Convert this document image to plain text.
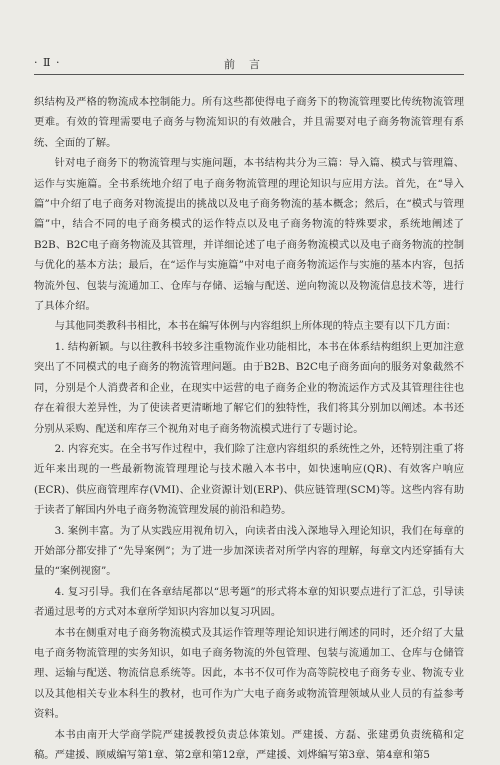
· Ⅱ ·	前言

织结构及严格的物流成本控制能力。所有这些都使得电子商务下的物流管理要比传统物流管理更难。有效的管理需要电子商务与物流知识的有效融合，并且需要对电子商务物流管理有系统、全面的了解。

针对电子商务下的物流管理与实施问题，本书结构共分为三篇：导入篇、模式与管理篇、运作与实施篇。全书系统地介绍了电子商务物流管理的理论知识与应用方法。首先，在“导入篇”中介绍了电子商务对物流提出的挑战以及电子商务物流的基本概念；然后，在“模式与管理篇”中，结合不同的电子商务模式的运作特点以及电子商务物流的特殊要求，系统地阐述了B2B、B2C电子商务物流及其管理，并详细论述了电子商务物流模式以及电子商务物流的控制与优化的基本方法；最后，在“运作与实施篇”中对电子商务物流运作与实施的基本内容，包括物流外包、包装与流通加工、仓库与存储、运输与配送、逆向物流以及物流信息技术等，进行了具体介绍。

与其他同类教科书相比，本书在编写体例与内容组织上所体现的特点主要有以下几方面：

1. 结构新颖。与以往教科书较多注重物流作业功能相比，本书在体系结构组织上更加注意突出了不同模式的电子商务的物流管理问题。由于B2B、B2C电子商务面向的服务对象截然不同，分别是个人消费者和企业，在现实中运营的电子商务企业的物流运作方式及其管理往往也存在着很大差异性，为了使读者更清晰地了解它们的独特性，我们将其分别加以阐述。本书还分别从采购、配送和库存三个视角对电子商务物流模式进行了专题讨论。

2. 内容充实。在全书写作过程中，我们除了注意内容组织的系统性之外，还特别注重了将近年来出现的一些最新物流管理理论与技术融入本书中，如快速响应(QR)、有效客户响应(ECR)、供应商管理库存(VMI)、企业资源计划(ERP)、供应链管理(SCM)等。这些内容有助于读者了解国内外电子商务物流管理发展的前沿和趋势。

3. 案例丰富。为了从实践应用视角切入，向读者由浅入深地导入理论知识，我们在每章的开始部分都安排了“先导案例”；为了进一步加深读者对所学内容的理解，每章文内还穿插有大量的“案例视窗”。

4. 复习引导。我们在各章结尾都以“思考题”的形式将本章的知识要点进行了汇总，引导读者通过思考的方式对本章所学知识内容加以复习巩固。

本书在侧重对电子商务物流模式及其运作管理等理论知识进行阐述的同时，还介绍了大量电子商务物流管理的实务知识，如电子商务物流的外包管理、包装与流通加工、仓库与仓储管理、运输与配送、物流信息系统等。因此，本书不仅可作为高等院校电子商务专业、物流专业以及其他相关专业本科生的教材，也可作为广大电子商务或物流管理领域从业人员的有益参考资料。

本书由南开大学商学院严建援教授负责总体策划。严建援、方磊、张建勇负责统稿和定稿。严建援、顾威编写第1章、第2章和第12章，严建援、刘烨编写第3章、第4章和第5
